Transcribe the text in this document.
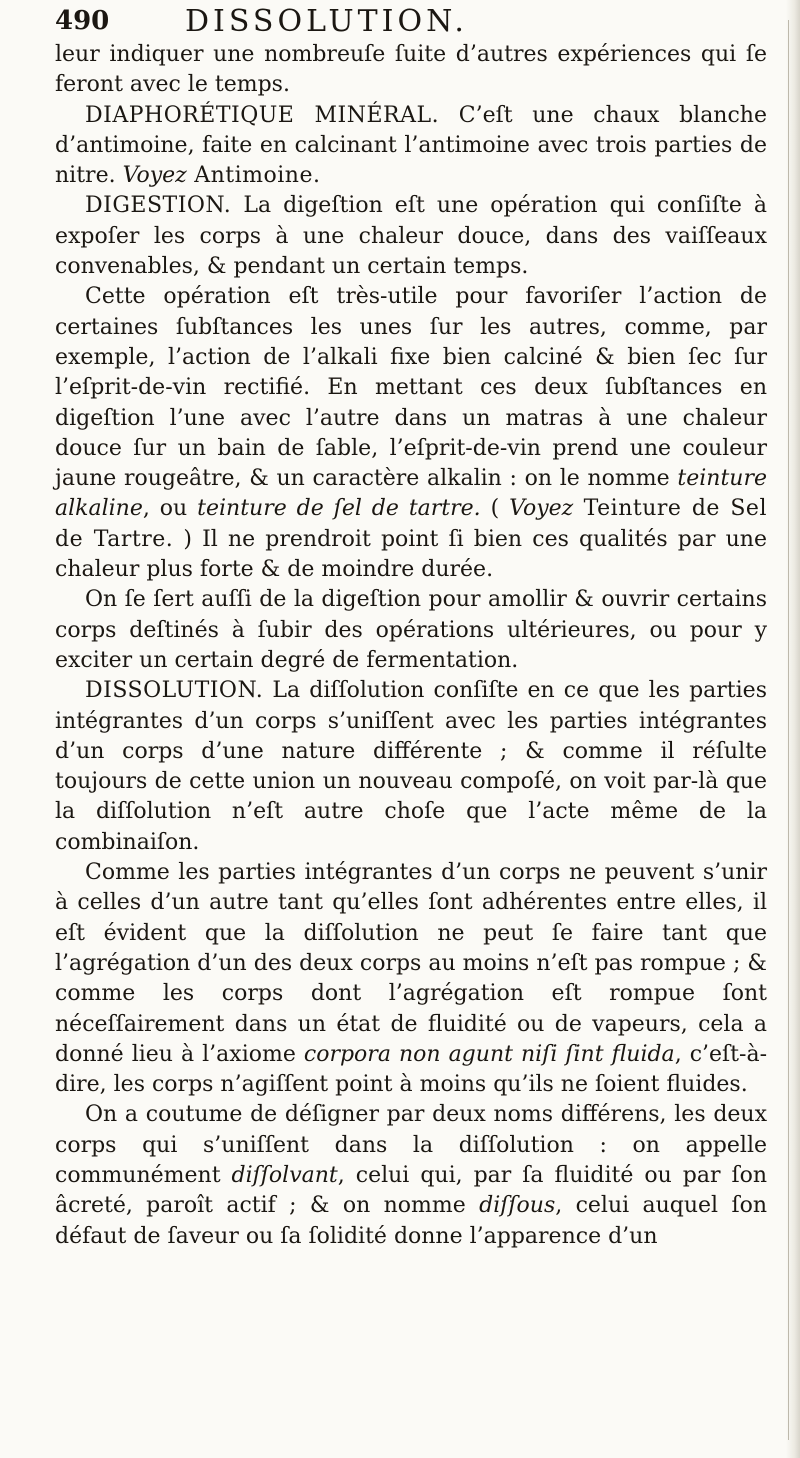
490	DISSOLUTION.

leur indiquer une nombreuſe ſuite d’autres expériences qui ſe feront avec le temps.

DIAPHORÉTIQUE MINÉRAL. C’eſt une chaux blanche d’antimoine, faite en calcinant l’antimoine avec trois parties de nitre. Voyez Antimoine.

DIGESTION. La digeſtion eſt une opération qui conſiſte à expoſer les corps à une chaleur douce, dans des vaiſſeaux convenables, & pendant un certain temps.

Cette opération eſt très-utile pour favoriſer l’action de certaines ſubſtances les unes ſur les autres, comme, par exemple, l’action de l’alkali fixe bien calciné & bien ſec ſur l’eſprit-de-vin rectifié. En mettant ces deux ſubſtances en digeſtion l’une avec l’autre dans un matras à une chaleur douce ſur un bain de ſable, l’eſprit-de-vin prend une couleur jaune rougeâtre, & un caractère alkalin : on le nomme teinture alkaline, ou teinture de ſel de tartre. ( Voyez Teinture de Sel de Tartre. ) Il ne prendroit point ſi bien ces qualités par une chaleur plus forte & de moindre durée.

On ſe ſert auſſi de la digeſtion pour amollir & ouvrir certains corps deſtinés à ſubir des opérations ultérieures, ou pour y exciter un certain degré de fermentation.

DISSOLUTION. La diſſolution conſiſte en ce que les parties intégrantes d’un corps s’uniſſent avec les parties intégrantes d’un corps d’une nature différente ; & comme il réſulte toujours de cette union un nouveau compoſé, on voit par-là que la diſſolution n’eſt autre choſe que l’acte même de la combinaiſon.

Comme les parties intégrantes d’un corps ne peuvent s’unir à celles d’un autre tant qu’elles ſont adhérentes entre elles, il eſt évident que la diſſolution ne peut ſe faire tant que l’agrégation d’un des deux corps au moins n’eſt pas rompue ; & comme les corps dont l’agrégation eſt rompue ſont néceſſairement dans un état de fluidité ou de vapeurs, cela a donné lieu à l’axiome corpora non agunt niſi ſint fluida, c’eſt-à-dire, les corps n’agiſſent point à moins qu’ils ne ſoient fluides.

On a coutume de déſigner par deux noms différens, les deux corps qui s’uniſſent dans la diſſolution : on appelle communément diſſolvant, celui qui, par ſa fluidité ou par ſon âcreté, paroît actif ; & on nomme diſſous, celui auquel ſon défaut de ſaveur ou ſa ſolidité donne l’apparence d’un
